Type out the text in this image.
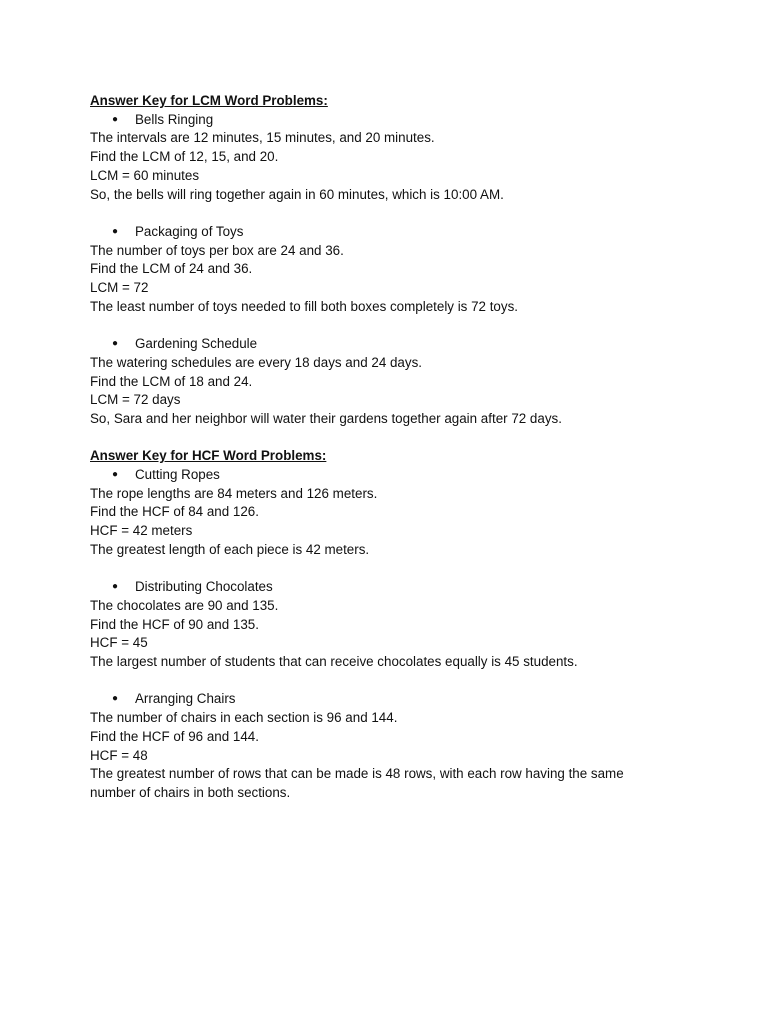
Answer Key for LCM Word Problems:
● Bells Ringing
The intervals are 12 minutes, 15 minutes, and 20 minutes.
Find the LCM of 12, 15, and 20.
LCM = 60 minutes
So, the bells will ring together again in 60 minutes, which is 10:00 AM.
● Packaging of Toys
The number of toys per box are 24 and 36.
Find the LCM of 24 and 36.
LCM = 72
The least number of toys needed to fill both boxes completely is 72 toys.
● Gardening Schedule
The watering schedules are every 18 days and 24 days.
Find the LCM of 18 and 24.
LCM = 72 days
So, Sara and her neighbor will water their gardens together again after 72 days.
Answer Key for HCF Word Problems:
● Cutting Ropes
The rope lengths are 84 meters and 126 meters.
Find the HCF of 84 and 126.
HCF = 42 meters
The greatest length of each piece is 42 meters.
● Distributing Chocolates
The chocolates are 90 and 135.
Find the HCF of 90 and 135.
HCF = 45
The largest number of students that can receive chocolates equally is 45 students.
● Arranging Chairs
The number of chairs in each section is 96 and 144.
Find the HCF of 96 and 144.
HCF = 48
The greatest number of rows that can be made is 48 rows, with each row having the same
number of chairs in both sections.
